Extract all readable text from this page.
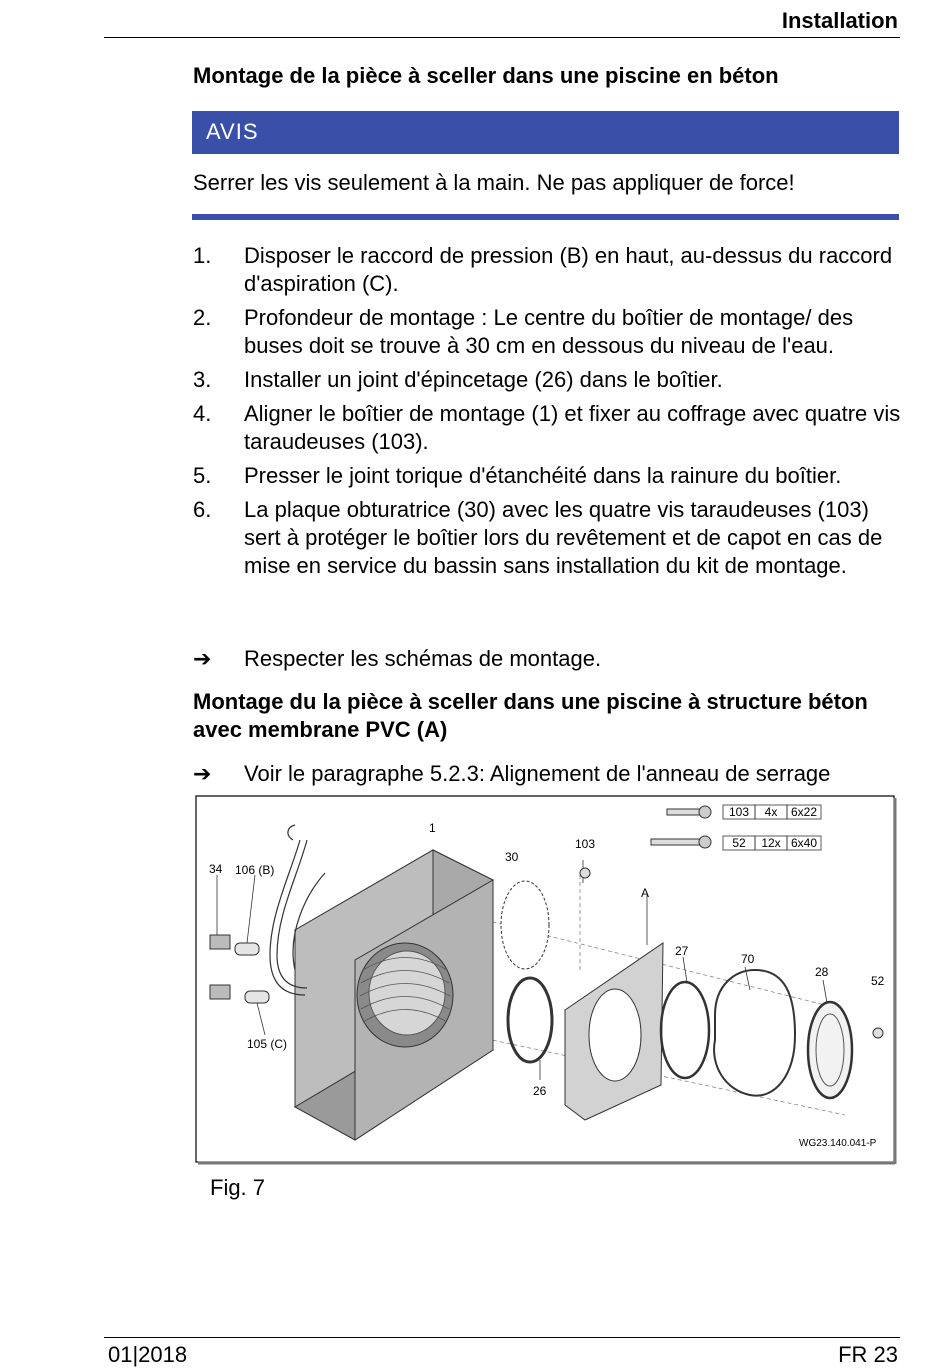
Installation
Montage de la pièce à sceller dans une piscine en béton
AVIS
Serrer les vis seulement à la main. Ne pas appliquer de force!
1.	Disposer le raccord de pression (B) en haut, au-dessus du raccord d'aspiration (C).
2.	Profondeur de montage : Le centre du boîtier de montage/ des buses doit se trouve à 30 cm en dessous du niveau de l'eau.
3.	Installer un joint d'épincetage (26) dans le boîtier.
4.	Aligner le boîtier de montage (1) et fixer au coffrage avec quatre vis taraudeuses (103).
5.	Presser le joint torique d'étanchéité dans la rainure du boîtier.
6.	La plaque obturatrice (30) avec les quatre vis taraudeuses (103) sert à protéger le boîtier lors du revêtement et de capot en cas de mise en service du bassin sans installation du kit de montage.
➔	Respecter les schémas de montage.
Montage du la pièce à sceller dans une piscine à structure béton avec membrane PVC (A)
➔	Voir le paragraphe 5.2.3: Alignement de l'anneau de serrage
103 4x 6x22
52 12x 6x40
1
30
103
A
34 106 (B)
105 (C)
27
70
28
52
26
WG23.140.041-P
Fig. 7
01|2018	FR 23
